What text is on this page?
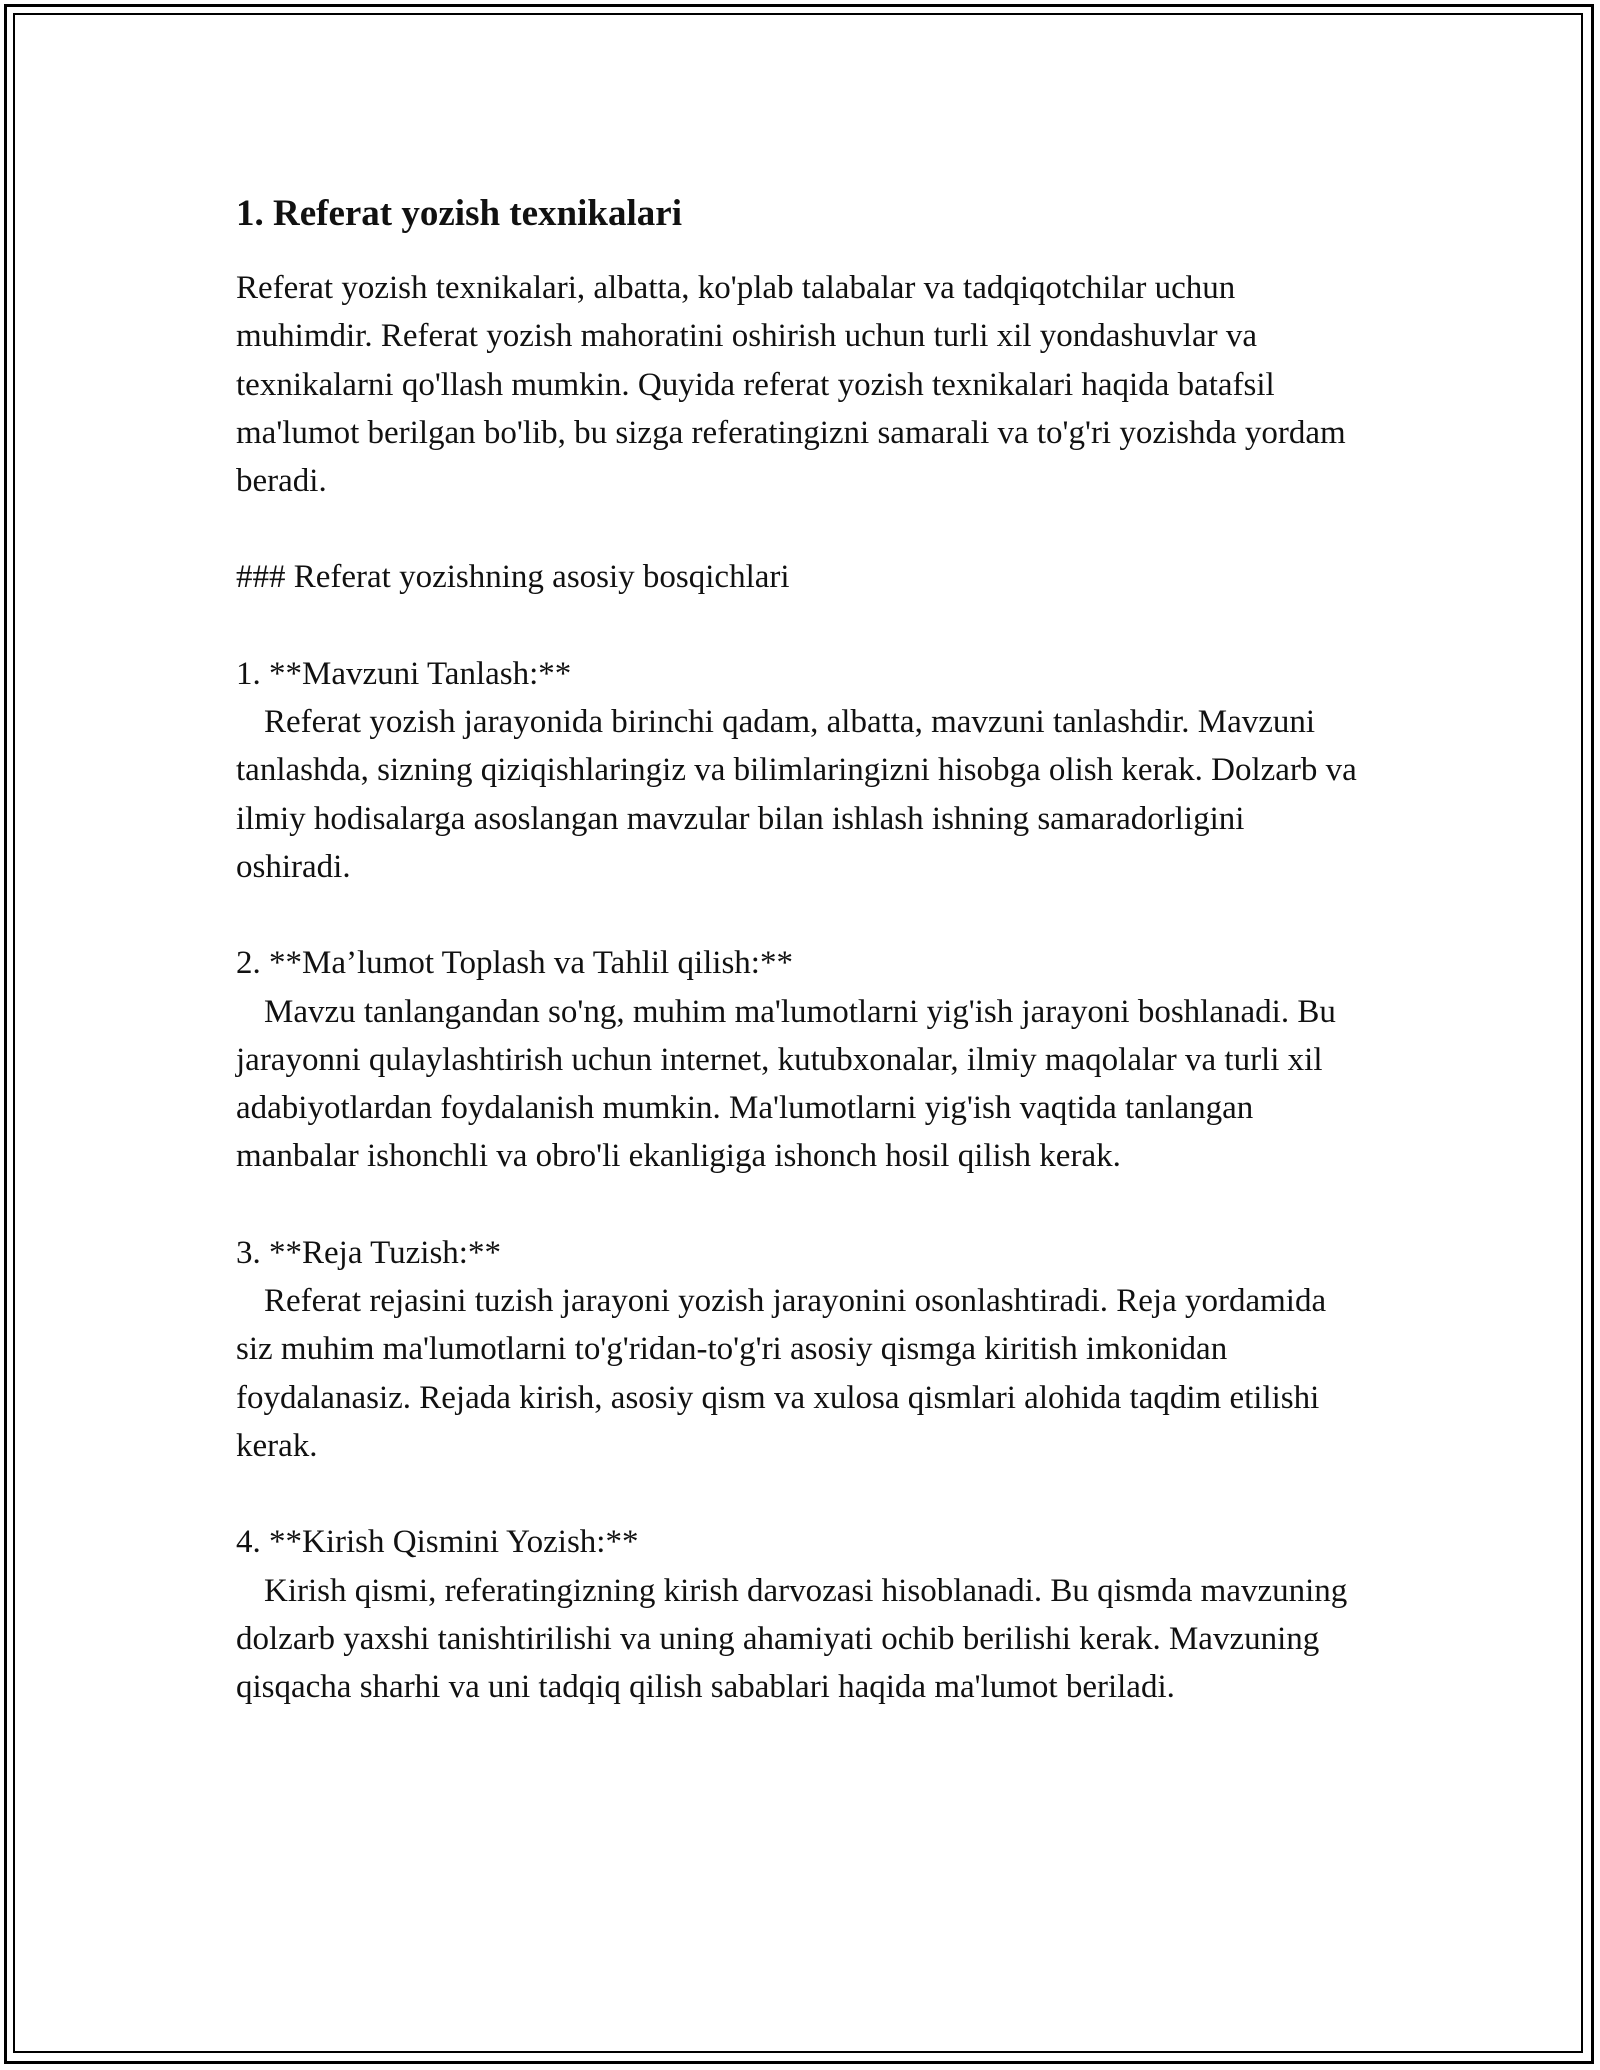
1. Referat yozish texnikalari
Referat yozish texnikalari, albatta, ko'plab talabalar va tadqiqotchilar uchun muhimdir. Referat yozish mahoratini oshirish uchun turli xil yondashuvlar va texnikalarni qo'llash mumkin. Quyida referat yozish texnikalari haqida batafsil ma'lumot berilgan bo'lib, bu sizga referatingizni samarali va to'g'ri yozishda yordam beradi.
### Referat yozishning asosiy bosqichlari
1. **Mavzuni Tanlash:**
Referat yozish jarayonida birinchi qadam, albatta, mavzuni tanlashdir. Mavzuni tanlashda, sizning qiziqishlaringiz va bilimlaringizni hisobga olish kerak. Dolzarb va ilmiy hodisalarga asoslangan mavzular bilan ishlash ishning samaradorligini oshiradi.
2. **Ma’lumot Toplash va Tahlil qilish:**
Mavzu tanlangandan so'ng, muhim ma'lumotlarni yig'ish jarayoni boshlanadi. Bu jarayonni qulaylashtirish uchun internet, kutubxonalar, ilmiy maqolalar va turli xil adabiyotlardan foydalanish mumkin. Ma'lumotlarni yig'ish vaqtida tanlangan manbalar ishonchli va obro'li ekanligiga ishonch hosil qilish kerak.
3. **Reja Tuzish:**
Referat rejasini tuzish jarayoni yozish jarayonini osonlashtiradi. Reja yordamida siz muhim ma'lumotlarni to'g'ridan-to'g'ri asosiy qismga kiritish imkonidan foydalanasiz. Rejada kirish, asosiy qism va xulosa qismlari alohida taqdim etilishi kerak.
4. **Kirish Qismini Yozish:**
Kirish qismi, referatingizning kirish darvozasi hisoblanadi. Bu qismda mavzuning dolzarb yaxshi tanishtirilishi va uning ahamiyati ochib berilishi kerak. Mavzuning qisqacha sharhi va uni tadqiq qilish sabablari haqida ma'lumot beriladi.
